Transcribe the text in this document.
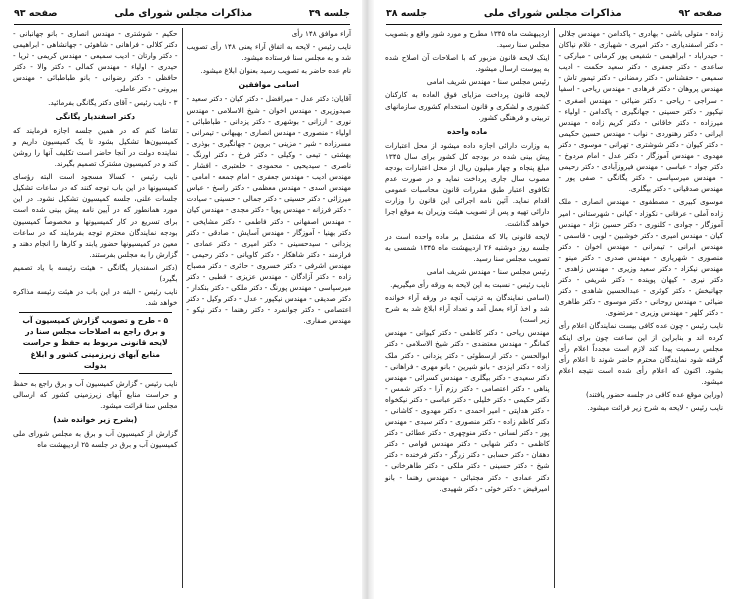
جلسه ۳۹
مذاکرات مجلس شورای ملی
صفحه ۹۳

آراء موافق ۱۴۸ رأی

نایب رئیس - لایحه به اتفاق آراء یعنی ۱۴۸ رأی تصویب شد و به مجلس سنا فرستاده میشود.

نام عده حاضر به تصویب رسید بعنوان ابلاغ میشود.

اسامی موافقین

آقایان: دکتر عدل - میرافضل - دکتر کیان - دکتر سعید - صیدوزیری - مهندس اخوان - شیخ الاسلامی - مهندس نوری - ارزانی - بوشهری - دکتر یزدانی - طباطبائی - اولیاء - منصوری - مهندس انصاری - بهبهانی - تیمرانی - مسرزاده - شیر - مزینی - بروین - جهانگیری - بوذری - بهشتی - تیمی - وکیلی - دکتر فرخ - دکتر اورنگ - ناصری - سیدیحیی - محمودی - خلعتبری - افشار - مهندس ادیب - مهندس جعفری - امام جمعه - امامی - مهندس اسدی - مهندس معظمی - دکتر راسخ - عباس میرزائی - دکتر حسینی - دکتر جمالی - حسینی - سیادت - دکتر فرزانه - مهندس پویا - دکتر مجدی - مهندس کیان - مهندس اصفهانی - دکتر فاطمی - دکتر مشایخی - دکتر بهنیا - آموزگار - مهندس آسایش - صادقی - دکتر یزدانی - سیدحسینی - دکتر امیری - دکتر عمادی - فرازمند - دکتر شاهکار - دکتر کاویانی - دکتر رحیمی - مهندس اشرفی - دکتر خسروی - حائری - دکتر مصباح زاده - دکتر آزادگان - مهندس عزیزی - قطبی - دکتر میرسپاسی - مهندس پورنگ - دکتر ملکی - دکتر بنکدار - دکتر صدیقی - مهندس نیکپور - عدل - دکتر وکیل - دکتر اعتصامی - دکتر جوانمرد - دکتر رهنما - دکتر نیکو - مهندس صفاری.

حکیم - شوشتری - مهندس انصاری - بانو جهانبانی - دکتر کلالی - فراهانی - شاهوئی - جهانشاهی - ابراهیمی - دکتر وارتان - ادیب سمیعی - مهندس کریمی - ثریا - حیدری - اولیاء - مهندس کمالی - دکتر والا - دکتر حافظی - دکتر رضوانی - بانو طباطبائی - مهندس بیرونی - دکتر عاملی.

۳ - نایب رئیس - آقای دکتر یگانگی بفرمائید.

دکتر اسفندیار یگانگی

تقاضا کنم که در همین جلسه اجازه فرمایند که کمیسیون‌ها تشکیل بشود تا یک کمیسیون داریم و نماینده دولت در آنجا حاضر است تکلیف آنها را روشن کند و در کمیسیون مشترک تصمیم بگیرند.

نایب رئیس - کسالا مسجود است البته رؤسای کمیسیونها در این باب توجه کنند که در ساعات تشکیل جلسات علنی، جلسه کمیسیون تشکیل نشود. در این مورد همانطور که در آیین نامه پیش بینی شده است برای تسریع در کار کمیسیونها و مخصوصاً کمیسیون بودجه نمایندگان محترم توجه بفرمایند که در ساعات معین در کمیسیونها حضور یابند و کارها را انجام دهند و گزارش را به مجلس بفرستند.

(دکتر اسفندیار یگانگی - هیئت رئیسه با یاد تصمیم بگیرد)

نایب رئیس - البته در این باب در هیئت رئیسه مذاکره خواهد شد.

۵ - طرح و تصویب گزارش کمیسیون آب و برق راجع به اصلاحات مجلس سنا در لایحه قانونی مربوط به حفظ و حراست منابع آبهای زیرزمینی کشور و ابلاغ بدولت

نایب رئیس - گزارش کمیسیون آب و برق راجع به حفظ و حراست منابع آبهای زیرزمینی کشور که ارسالی مجلس سنا قرائت میشود.

(بشرح زیر خوانده شد)

گزارش از کمیسیون آب و برق به مجلس شورای ملی کمیسیون آب و برق در جلسه ۲۵ اردیبهشت ماه

صفحه ۹۲
مذاکرات مجلس شورای ملی
جلسه ۳۸

زاده - متولی باشی - بهادری - پاکدامن - مهندس جلالی - دکتر اسفندیاری - دکتر امیری - شهبازی - غلام نیاکان - حیدراباد - ابراهیمی - شفیعی پور کرمانی - مبارکی - ساعدی - دکتر جعفری - دکتر سعید حکمت - ادیب سمیعی - حقشناس - دکتر رمضانی - دکتر تیمور تاش - مهندس پروهان - دکتر فرهادی - مهندس ریاحی - اسفیا - سراجی - ریاحی - دکتر ضیائی - مهندس اصغری - نیکپور - دکتر حسینی - جهانگیری - پاکدامن - اولیاء - میرزاده - دکتر خاقانی - دکتر کریم زاده - مهندس ایرانی - دکتر رهنوردی - نواب - مهندس حسین حکیمی - دکتر کیوان - دکتر شوشتری - تهرانی - موسوی - دکتر مهدوی - مهندس آموزگار - دکتر عدل - امام مردوخ - دکتر جواد - عباسی - مهندس فیروزآبادی - دکتر رحیمی - مهندس میرسپاسی - دکتر یگانگی - صفی پور - مهندس صدقیانی - دکتر بیگلری.

موسوی کبیری - مصطفوی - مهندس انصاری - ملک زاده آملی - عرفانی - نکوزاد - کیانی - شهرستانی - امیر آموزگار - جوادی - کلنوری - دکتر حسین نژاد - مهندس کیان - مهندس امیری - دکتر خوشبین - لوبی - قاسمی - مهندس ابرانی - تیمرانی - مهندس اخوان - دکتر منصوری - شهریاری - مهندس صدری - دکتر مینو - مهندس نیکزاد - دکتر سعید وزیری - مهندس زاهدی - دکتر نیری - کیهان پوینده - دکتر شریفی - دکتر جهانبخش - دکتر کوثری - عبدالحسین شاهدی - دکتر ضیائی - مهندس روحانی - دکتر موسوی - دکتر طاهری - دکتر کلهر - مهندس وزیری - مرتضوی.

نایب رئیس - چون عده کافی بیست نمایندگان اعلام رأی کرده اند و بنابراین از این ساعت چون برای اینکه مجلس رسمیت پیدا کند لازم است مجدداً اعلام رأی گرفته شود نمایندگان محترم حاضر شوند تا اعلام رأی بشود. اکنون که اعلام رأی شده است نتیجه اعلام میشود.

(وراین موقع عده کافی در جلسه حضور یافتند)

نایب رئیس - لایحه به شرح زیر قرائت میشود.

اردیبهشت ماه ۱۳۴۵ مطرح و مورد شور واقع و بتصویب مجلس سنا رسید.

اینک لایحه قانون مزبور که با اصلاحات آن اصلاح شده به پیوست ارسال میشود.

رئیس مجلس سنا - مهندس شریف امامی

لایحه قانون پرداخت مزایای فوق العاده به کارکنان کشوری و لشکری و قانون استخدام کشوری سازمانهای تربیتی و فرهنگی کشور.

ماده واحده

به وزارت دارائی اجازه داده میشود از محل اعتبارات پیش بینی شده در بودجه کل کشور برای سال ۱۳۴۵ مبلغ پنجاه و چهار میلیون ریال از محل اعتبارات بودجه مصوب سال جاری پرداخت نماید و در صورت عدم تکافوی اعتبار طبق مقررات قانون محاسبات عمومی اقدام نماید. آئین نامه اجرائی این قانون را وزارت دارائی تهیه و پس از تصویب هیئت وزیران به موقع اجرا خواهد گذاشت.

لایحه قانونی بالا که مشتمل بر ماده واحده است در جلسه روز دوشنبه ۲۶ اردیبهشت ماه ۱۳۴۵ شمسی به تصویب مجلس سنا رسید.

رئیس مجلس سنا - مهندس شریف امامی

نایب رئیس - نسبت به این لایحه به ورقه رأی میگیریم.

(اسامی نمایندگان به ترتیب آنچه در ورقه آراء خوانده شد و اخذ آراء بعمل آمد و تعداد آراء ابلاغ شد به شرح زیر است)

مهندس ریاحی - دکتر کاظمی - دکتر کیوانی - مهندس کمانگر - مهندس معتضدی - دکتر شیخ الاسلامی - دکتر ابوالحسن - دکتر ارسطوئی - دکتر یزدانی - دکتر ملک زاده - دکتر ایزدی - بانو شیرین - بانو مهری - فراهانی - دکتر سعیدی - دکتر بیگلری - مهندس کسرائی - مهندس پناهی - دکتر اعتصامی - دکتر رزم آرا - دکتر شمس - دکتر حکیمی - دکتر خلیلی - دکتر عباسی - دکتر نیکخواه - دکتر هدایتی - امیر احمدی - دکتر مهدوی - کاشانی - دکتر کاظم زاده - دکتر منصوری - دکتر سیدی - مهندس پور - دکتر لسانی - دکتر منوچهری - دکتر عطائی - دکتر کاظمی - دکتر شهابی - دکتر مهندس قوامی - دکتر دهقان - دکتر حسابی - دکتر زرگر - دکتر فرخنده - دکتر شیخ - دکتر حسینی - دکتر ملکی - دکتر طاهرخانی - دکتر عمادی - دکتر مجتبائی - مهندس رهنما - بانو امیرفیض - دکتر خوئی - دکتر شهیدی.
